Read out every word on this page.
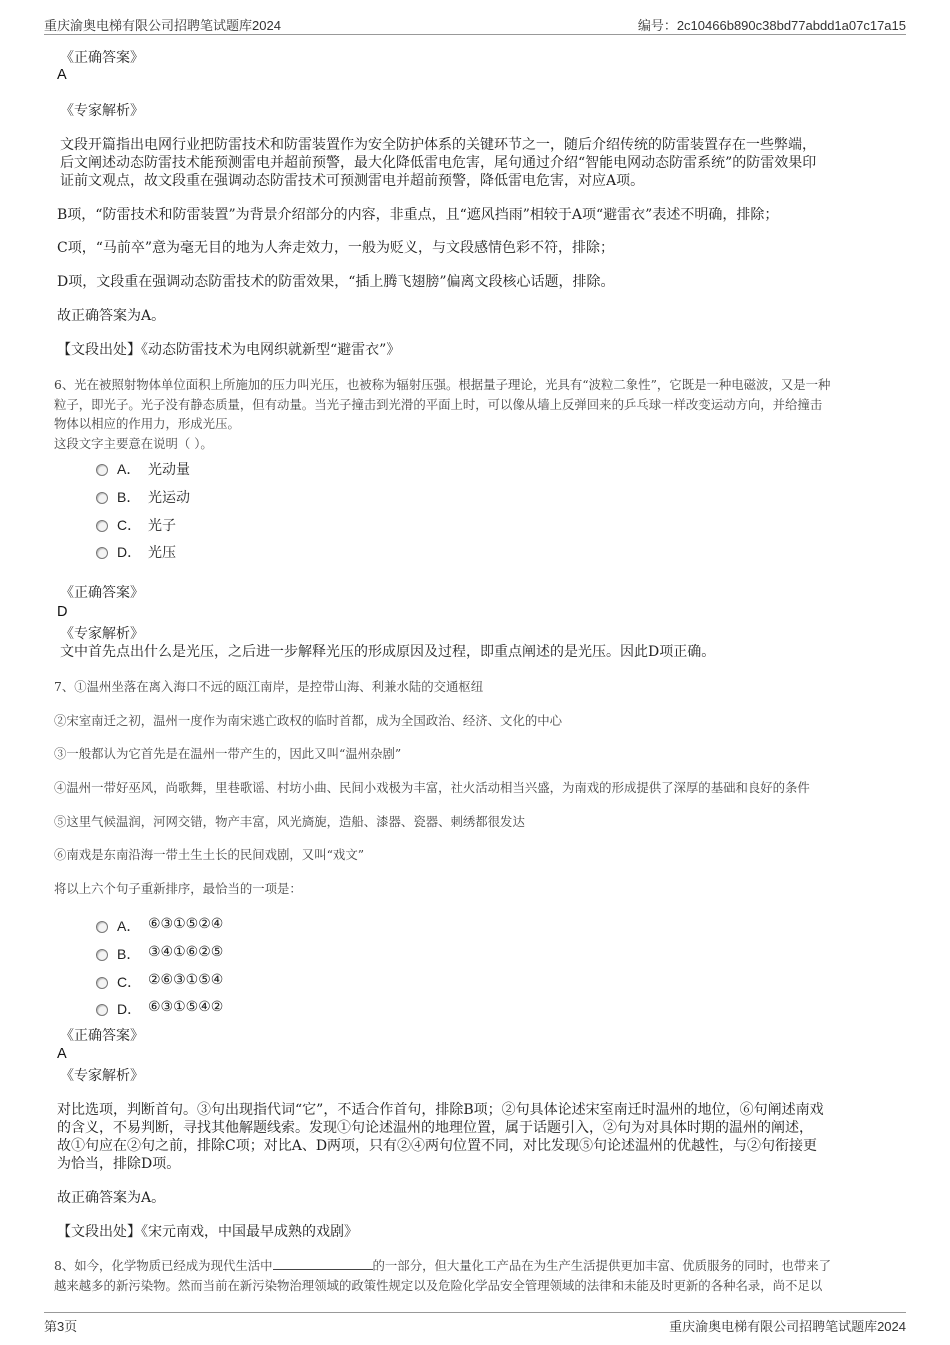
重庆渝奥电梯有限公司招聘笔试题库2024	编号：2c10466b890c38bd77abdd1a07c17a15
《正确答案》
A
《专家解析》
文段开篇指出电网行业把防雷技术和防雷装置作为安全防护体系的关键环节之一，随后介绍传统的防雷装置存在一些弊端，
后文阐述动态防雷技术能预测雷电并超前预警，最大化降低雷电危害，尾句通过介绍“智能电网动态防雷系统”的防雷效果印
证前文观点，故文段重在强调动态防雷技术可预测雷电并超前预警，降低雷电危害，对应A项。
B项，“防雷技术和防雷装置”为背景介绍部分的内容，非重点，且“遮风挡雨”相较于A项“避雷衣”表述不明确，排除；
C项，“马前卒”意为毫无目的地为人奔走效力，一般为贬义，与文段感情色彩不符，排除；
D项，文段重在强调动态防雷技术的防雷效果，“插上腾飞翅膀”偏离文段核心话题，排除。
故正确答案为A。
【文段出处】《动态防雷技术为电网织就新型“避雷衣”》
6、光在被照射物体单位面积上所施加的压力叫光压，也被称为辐射压强。根据量子理论，光具有“波粒二象性”，它既是一种电磁波，又是一种
粒子，即光子。光子没有静态质量，但有动量。当光子撞击到光滑的平面上时，可以像从墙上反弹回来的乒乓球一样改变运动方向，并给撞击
物体以相应的作用力，形成光压。
这段文字主要意在说明（ ）。
A． 光动量
B． 光运动
C． 光子
D． 光压
《正确答案》
D
《专家解析》
文中首先点出什么是光压，之后进一步解释光压的形成原因及过程，即重点阐述的是光压。因此D项正确。
7、①温州坐落在离入海口不远的瓯江南岸，是控带山海、利兼水陆的交通枢纽
②宋室南迁之初，温州一度作为南宋逃亡政权的临时首都，成为全国政治、经济、文化的中心
③一般都认为它首先是在温州一带产生的，因此又叫“温州杂剧”
④温州一带好巫风，尚歌舞，里巷歌谣、村坊小曲、民间小戏极为丰富，社火活动相当兴盛，为南戏的形成提供了深厚的基础和良好的条件
⑤这里气候温润，河网交错，物产丰富，风光旖旎，造船、漆器、瓷器、刺绣都很发达
⑥南戏是东南沿海一带土生土长的民间戏剧，又叫“戏文”
将以上六个句子重新排序，最恰当的一项是：
A． ⑥③①⑤②④
B． ③④①⑥②⑤
C． ②⑥③①⑤④
D． ⑥③①⑤④②
《正确答案》
A
《专家解析》
对比选项，判断首句。③句出现指代词“它”，不适合作首句，排除B项；②句具体论述宋室南迁时温州的地位，⑥句阐述南戏
的含义，不易判断，寻找其他解题线索。发现①句论述温州的地理位置，属于话题引入，②句为对具体时期的温州的阐述，
故①句应在②句之前，排除C项；对比A、D两项，只有②④两句位置不同，对比发现⑤句论述温州的优越性，与②句衔接更
为恰当，排除D项。
故正确答案为A。
【文段出处】《宋元南戏，中国最早成熟的戏剧》
8、如今，化学物质已经成为现代生活中	的一部分，但大量化工产品在为生产生活提供更加丰富、优质服务的同时，也带来了
越来越多的新污染物。然而当前在新污染物治理领域的政策性规定以及危险化学品安全管理领域的法律和未能及时更新的各种名录，尚不足以
第3页	重庆渝奥电梯有限公司招聘笔试题库2024
